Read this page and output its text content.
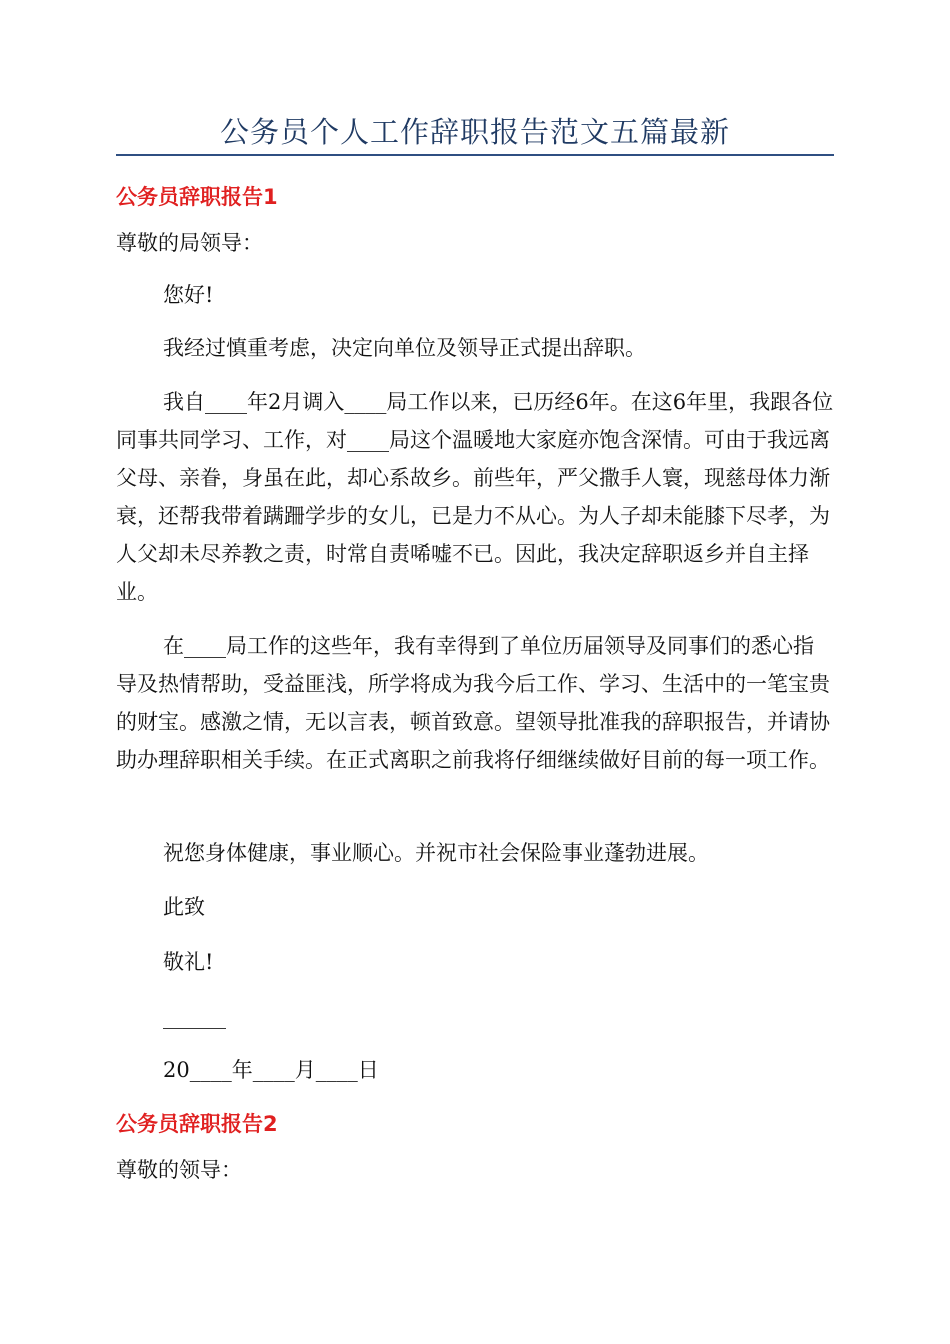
公务员个人工作辞职报告范文五篇最新
公务员辞职报告1

尊敬的局领导：

您好!

我经过慎重考虑，决定向单位及领导正式提出辞职。

我自____年2月调入____局工作以来，已历经6年。在这6年里，我跟各位同事共同学习、工作，对____局这个温暖地大家庭亦饱含深情。可由于我远离父母、亲眷，身虽在此，却心系故乡。前些年，严父撒手人寰，现慈母体力渐衰，还帮我带着蹒跚学步的女儿，已是力不从心。为人子却未能膝下尽孝，为人父却未尽养教之责，时常自责唏嘘不已。因此，我决定辞职返乡并自主择业。

在____局工作的这些年，我有幸得到了单位历届领导及同事们的悉心指导及热情帮助，受益匪浅，所学将成为我今后工作、学习、生活中的一笔宝贵的财宝。感激之情，无以言表，顿首致意。望领导批准我的辞职报告，并请协助办理辞职相关手续。在正式离职之前我将仔细继续做好目前的每一项工作。

祝您身体健康，事业顺心。并祝市社会保险事业蓬勃进展。

此致

敬礼!

______

20____年____月____日

公务员辞职报告2

尊敬的领导：
